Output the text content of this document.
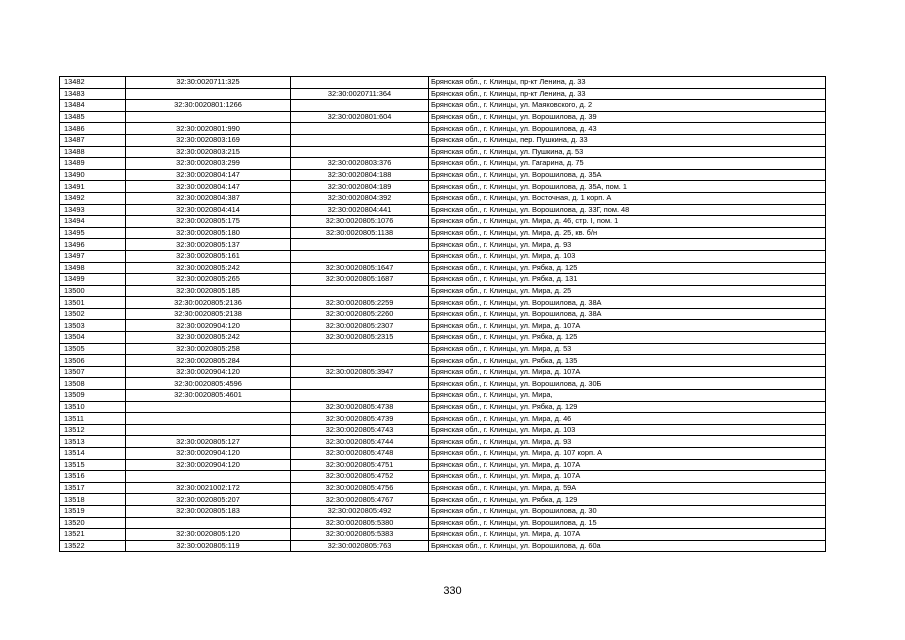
13482	32:30:0020711:325		Брянская обл., г. Клинцы, пр-кт Ленина, д. 33
13483		32:30:0020711:364	Брянская обл., г. Клинцы, пр-кт Ленина, д. 33
13484	32:30:0020801:1266		Брянская обл., г. Клинцы, ул. Маяковского, д. 2
13485		32:30:0020801:604	Брянская обл., г. Клинцы, ул. Ворошилова, д. 39
13486	32:30:0020801:990		Брянская обл., г. Клинцы, ул. Ворошилова, д. 43
13487	32:30:0020803:169		Брянская обл., г. Клинцы, пер. Пушкина, д. 33
13488	32:30:0020803:215		Брянская обл., г. Клинцы, ул. Пушкина, д. 53
13489	32:30:0020803:299	32:30:0020803:376	Брянская обл., г. Клинцы, ул. Гагарина, д. 75
13490	32:30:0020804:147	32:30:0020804:188	Брянская обл., г. Клинцы, ул. Ворошилова, д. 35А
13491	32:30:0020804:147	32:30:0020804:189	Брянская обл., г. Клинцы, ул. Ворошилова, д. 35А, пом. 1
13492	32:30:0020804:387	32:30:0020804:392	Брянская обл., г. Клинцы, ул. Восточная, д. 1 корп. А
13493	32:30:0020804:414	32:30:0020804:441	Брянская обл., г. Клинцы, ул. Ворошилова, д. 33Г, пом. 48
13494	32:30:0020805:175	32:30:0020805:1076	Брянская обл., г. Клинцы, ул. Мира, д. 46, стр. I, пом. 1
13495	32:30:0020805:180	32:30:0020805:1138	Брянская обл., г. Клинцы, ул. Мира, д. 25, кв. б/н
13496	32:30:0020805:137		Брянская обл., г. Клинцы, ул. Мира, д. 93
13497	32:30:0020805:161		Брянская обл., г. Клинцы, ул. Мира, д. 103
13498	32:30:0020805:242	32:30:0020805:1647	Брянская обл., г. Клинцы, ул. Рябка, д. 125
13499	32:30:0020805:265	32:30:0020805:1687	Брянская обл., г. Клинцы, ул. Рябка, д. 131
13500	32:30:0020805:185		Брянская обл., г. Клинцы, ул. Мира, д. 25
13501	32:30:0020805:2136	32:30:0020805:2259	Брянская обл., г. Клинцы, ул. Ворошилова, д. 38А
13502	32:30:0020805:2138	32:30:0020805:2260	Брянская обл., г. Клинцы, ул. Ворошилова, д. 38А
13503	32:30:0020904:120	32:30:0020805:2307	Брянская обл., г. Клинцы, ул. Мира, д. 107А
13504	32:30:0020805:242	32:30:0020805:2315	Брянская обл., г. Клинцы, ул. Рябка, д. 125
13505	32:30:0020805:258		Брянская обл., г. Клинцы, ул. Мира, д. 53
13506	32:30:0020805:284		Брянская обл., г. Клинцы, ул. Рябка, д. 135
13507	32:30:0020904:120	32:30:0020805:3947	Брянская обл., г. Клинцы, ул. Мира, д. 107А
13508	32:30:0020805:4596		Брянская обл., г. Клинцы, ул. Ворошилова, д. 30Б
13509	32:30:0020805:4601		Брянская обл., г. Клинцы, ул. Мира,
13510		32:30:0020805:4738	Брянская обл., г. Клинцы, ул. Рябка, д. 129
13511		32:30:0020805:4739	Брянская обл., г. Клинцы, ул. Мира, д. 46
13512		32:30:0020805:4743	Брянская обл., г. Клинцы, ул. Мира, д. 103
13513	32:30:0020805:127	32:30:0020805:4744	Брянская обл., г. Клинцы, ул. Мира, д. 93
13514	32:30:0020904:120	32:30:0020805:4748	Брянская обл., г. Клинцы, ул. Мира, д. 107 корп. А
13515	32:30:0020904:120	32:30:0020805:4751	Брянская обл., г. Клинцы, ул. Мира, д. 107А
13516		32:30:0020805:4752	Брянская обл., г. Клинцы, ул. Мира, д. 107А
13517	32:30:0021002:172	32:30:0020805:4756	Брянская обл., г. Клинцы, ул. Мира, д. 59А
13518	32:30:0020805:207	32:30:0020805:4767	Брянская обл., г. Клинцы, ул. Рябка, д. 129
13519	32:30:0020805:183	32:30:0020805:492	Брянская обл., г. Клинцы, ул. Ворошилова, д. 30
13520		32:30:0020805:5380	Брянская обл., г. Клинцы, ул. Ворошилова, д. 15
13521	32:30:0020805:120	32:30:0020805:5383	Брянская обл., г. Клинцы, ул. Мира, д. 107А
13522	32:30:0020805:119	32:30:0020805:763	Брянская обл., г. Клинцы, ул. Ворошилова, д. 60а
330
